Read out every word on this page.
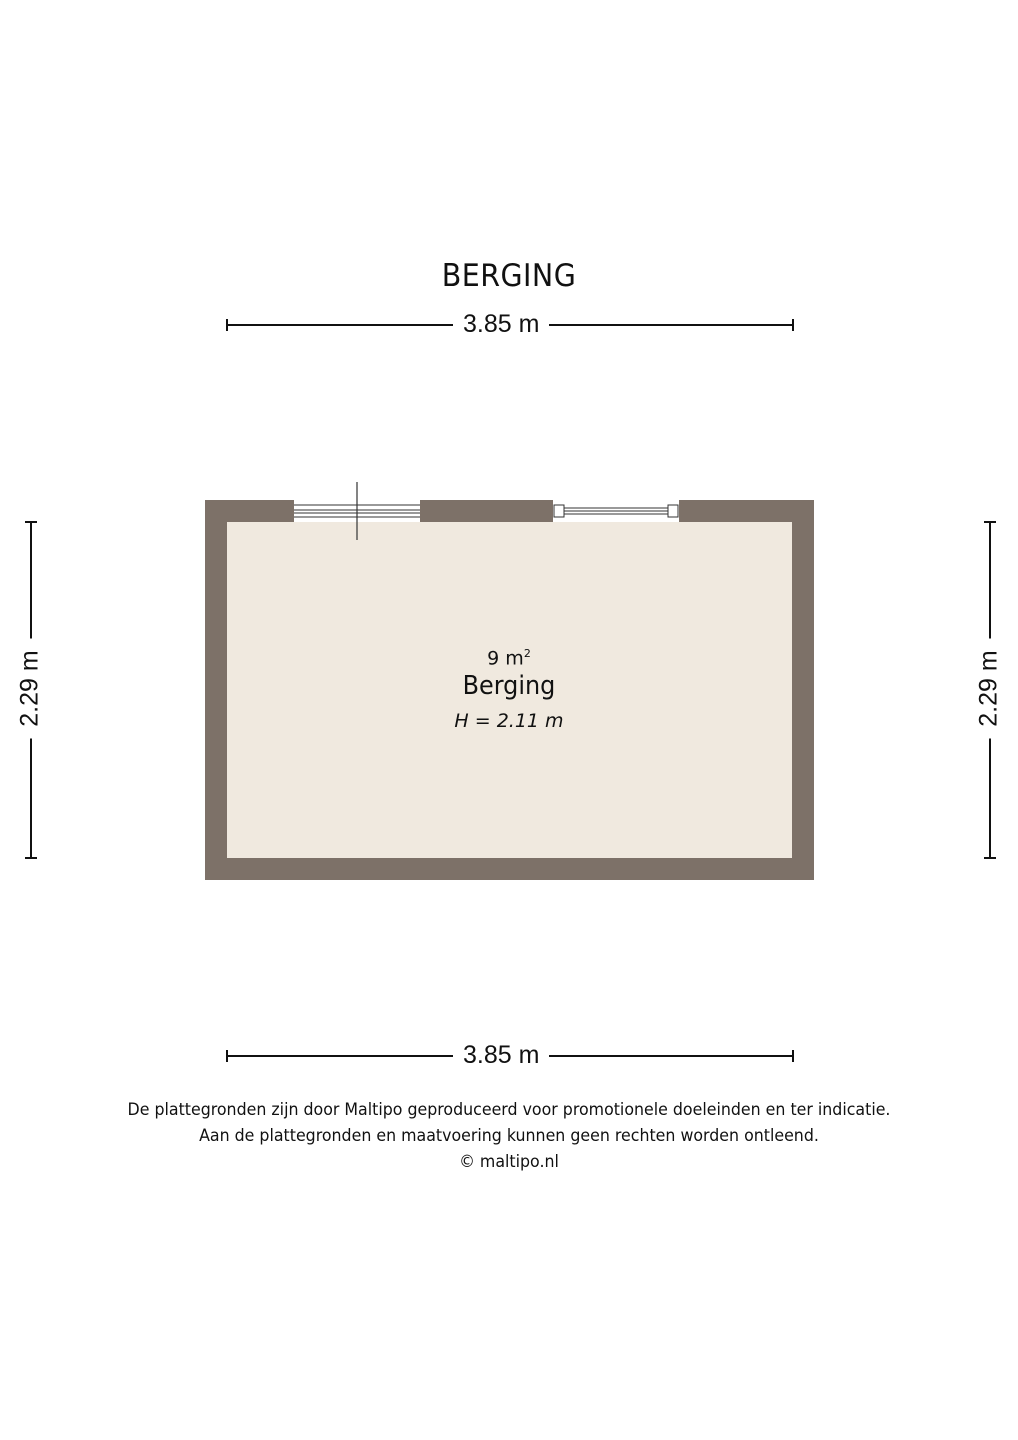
BERGING
3.85 m
3.85 m
2.29 m	2.29 m
9 $m^2$
Berging
H = 2.11 m
De plattegronden zijn door Maltipo geproduceerd voor promotionele doeleinden en ter indicatie.
Aan de plattegronden en maatvoering kunnen geen rechten worden ontleend.
© maltipo.nl
